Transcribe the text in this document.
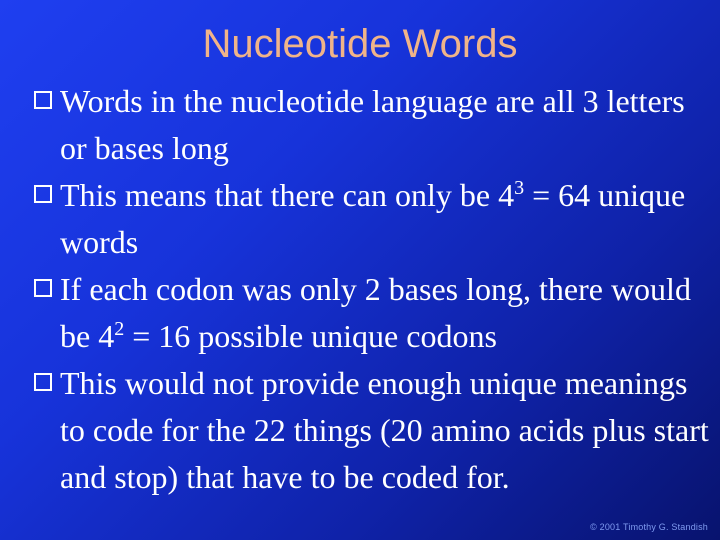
Nucleotide Words
Words in the nucleotide language are all 3 letters or bases long
This means that there can only be $4^3 = 64$ unique words
If each codon was only 2 bases long, there would be $4^2 = 16$ possible unique codons
This would not provide enough unique meanings to code for the 22 things (20 amino acids plus start and stop) that have to be coded for.
© 2001 Timothy G. Standish
